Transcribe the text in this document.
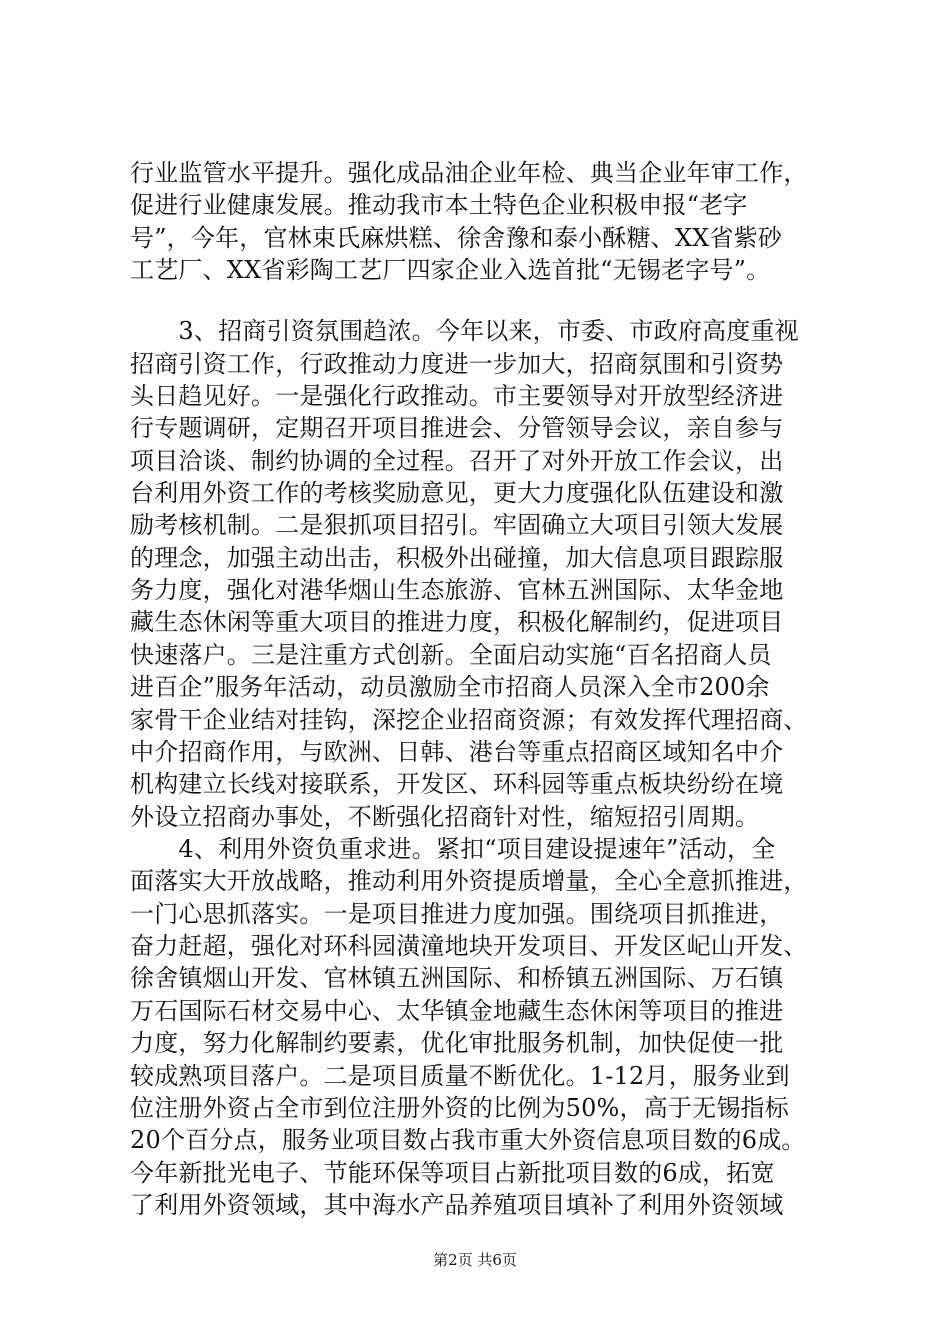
行业监管水平提升。强化成品油企业年检、典当企业年审工作，
促进行业健康发展。推动我市本土特色企业积极申报“老字
号”，今年，官林束氏麻烘糕、徐舍豫和泰小酥糖、XX省紫砂
工艺厂、XX省彩陶工艺厂四家企业入选首批“无锡老字号”。
　　3、招商引资氛围趋浓。今年以来，市委、市政府高度重视
招商引资工作，行政推动力度进一步加大，招商氛围和引资势
头日趋见好。一是强化行政推动。市主要领导对开放型经济进
行专题调研，定期召开项目推进会、分管领导会议，亲自参与
项目洽谈、制约协调的全过程。召开了对外开放工作会议，出
台利用外资工作的考核奖励意见，更大力度强化队伍建设和激
励考核机制。二是狠抓项目招引。牢固确立大项目引领大发展
的理念，加强主动出击，积极外出碰撞，加大信息项目跟踪服
务力度，强化对港华烟山生态旅游、官林五洲国际、太华金地
藏生态休闲等重大项目的推进力度，积极化解制约，促进项目
快速落户。三是注重方式创新。全面启动实施“百名招商人员
进百企”服务年活动，动员激励全市招商人员深入全市200余
家骨干企业结对挂钩，深挖企业招商资源；有效发挥代理招商、
中介招商作用，与欧洲、日韩、港台等重点招商区域知名中介
机构建立长线对接联系，开发区、环科园等重点板块纷纷在境
外设立招商办事处，不断强化招商针对性，缩短招引周期。
　　4、利用外资负重求进。紧扣“项目建设提速年”活动，全
面落实大开放战略，推动利用外资提质增量，全心全意抓推进，
一门心思抓落实。一是项目推进力度加强。围绕项目抓推进，
奋力赶超，强化对环科园潢潼地块开发项目、开发区屺山开发、
徐舍镇烟山开发、官林镇五洲国际、和桥镇五洲国际、万石镇
万石国际石材交易中心、太华镇金地藏生态休闲等项目的推进
力度，努力化解制约要素，优化审批服务机制，加快促使一批
较成熟项目落户。二是项目质量不断优化。1-12月，服务业到
位注册外资占全市到位注册外资的比例为50%，高于无锡指标
20个百分点，服务业项目数占我市重大外资信息项目数的6成。
今年新批光电子、节能环保等项目占新批项目数的6成，拓宽
了利用外资领域，其中海水产品养殖项目填补了利用外资领域
第2页 共6页
